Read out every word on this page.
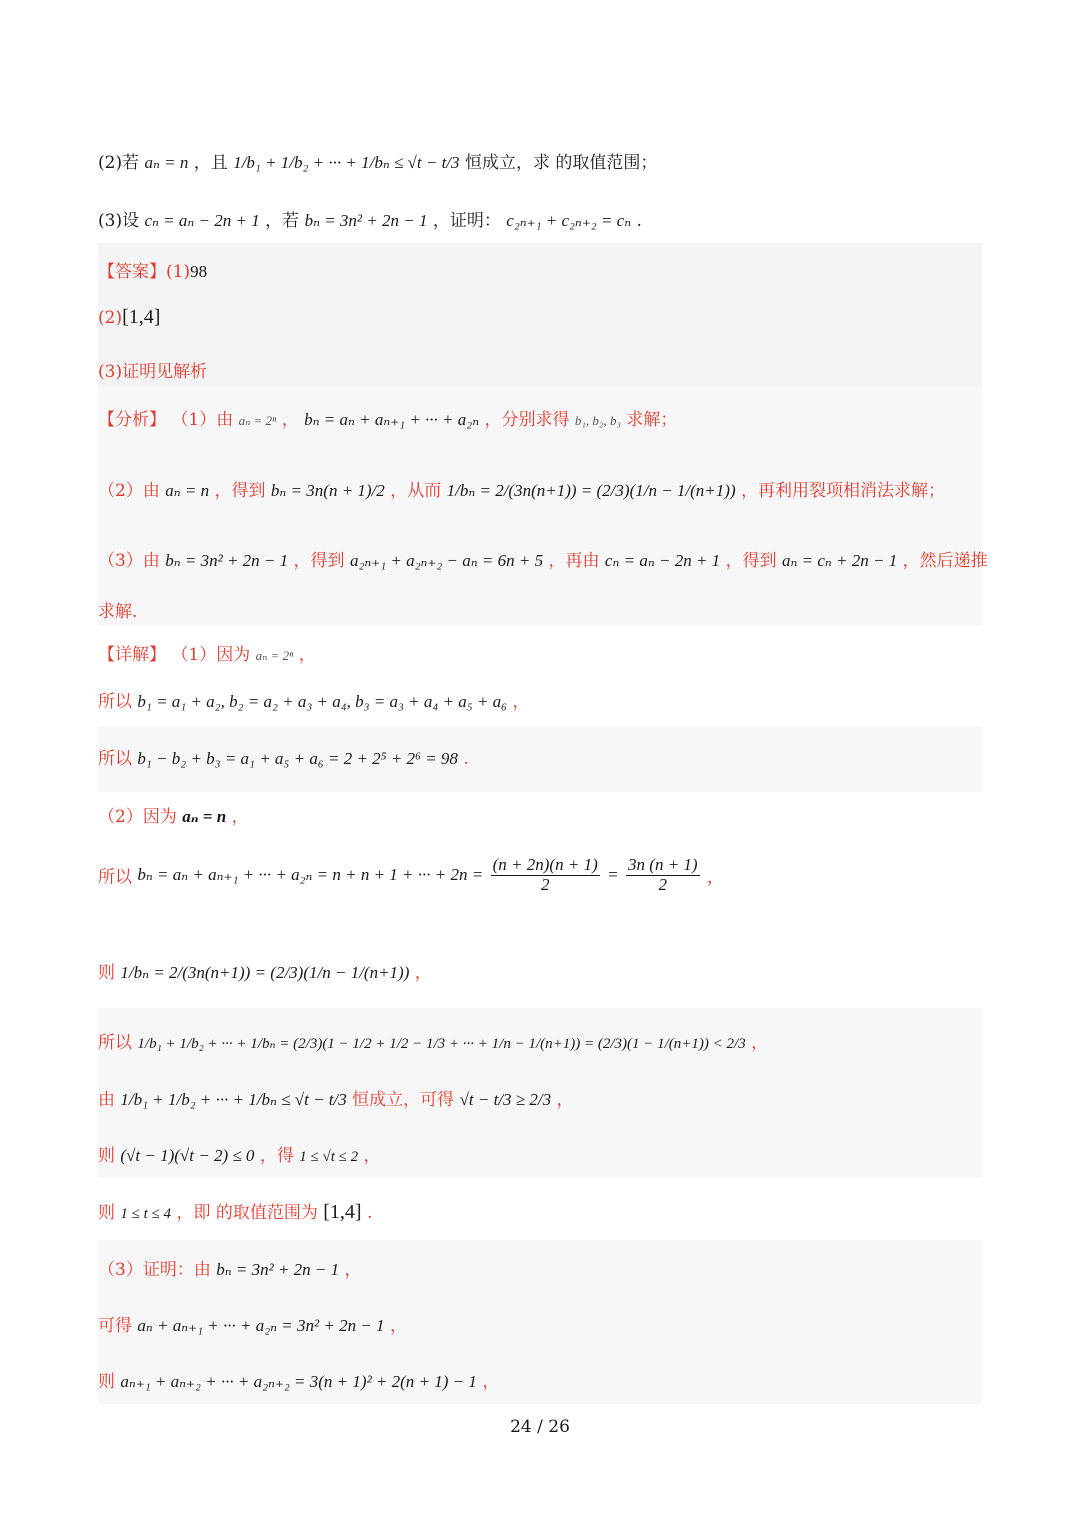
(2)若 aₙ = n ，且 1/b₁ + 1/b₂ + ··· + 1/bₙ ≤ √t − t/3 恒成立，求 的取值范围；
(3)设 cₙ = aₙ − 2n + 1 ，若 bₙ = 3n² + 2n − 1 ，证明： c₂ₙ₊₁ + c₂ₙ₊₂ = cₙ .
【答案】(1)98
(2)[1,4]
(3)证明见解析
【分析】 （1）由 aₙ = 2ⁿ ， bₙ = aₙ + aₙ₊₁ + ··· + a₂ₙ ，分别求得 b₁, b₂, b₃ 求解；
（2）由 aₙ = n ，得到 bₙ = 3n(n + 1)/2 ，从而 1/bₙ = 2/(3n(n+1)) = (2/3)(1/n − 1/(n+1)) ，再利用裂项相消法求解；
（3）由 bₙ = 3n² + 2n − 1 ，得到 a₂ₙ₊₁ + a₂ₙ₊₂ − aₙ = 6n + 5 ，再由 cₙ = aₙ − 2n + 1 ，得到 aₙ = cₙ + 2n − 1 ，然后递推
求解.
【详解】 （1）因为 aₙ = 2ⁿ ，
所以 b₁ = a₁ + a₂, b₂ = a₂ + a₃ + a₄, b₃ = a₃ + a₄ + a₅ + a₆ ，
所以 b₁ − b₂ + b₃ = a₁ + a₅ + a₆ = 2 + 2⁵ + 2⁶ = 98 .
（2）因为 aₙ = n ，
所以 bₙ = aₙ + aₙ₊₁ + ··· + a₂ₙ = n + n + 1 + ··· + $2n = \frac{(n + 2n)(n + 1)}{2} = \frac{3n (n + 1)}{2}$ ，
则 1/bₙ = 2/(3n(n+1)) = (2/3)(1/n − 1/(n+1)) ，
所以 1/b₁ + 1/b₂ + ··· + 1/bₙ = (2/3)(1 − 1/2 + 1/2 − 1/3 + ··· + 1/n − 1/(n+1)) = (2/3)(1 − 1/(n+1)) < 2/3 ，
由 1/b₁ + 1/b₂ + ··· + 1/bₙ ≤ √t − t/3 恒成立，可得 √t − t/3 ≥ 2/3 ，
则 (√t − 1)(√t − 2) ≤ 0 ，得 1 ≤ √t ≤ 2 ，
则 1 ≤ t ≤ 4 ，即 的取值范围为 [1,4] .
（3）证明：由 bₙ = 3n² + 2n − 1 ，
可得 aₙ + aₙ₊₁ + ··· + a₂ₙ = 3n² + 2n − 1 ，
则 aₙ₊₁ + aₙ₊₂ + ··· + a₂ₙ₊₂ = 3(n + 1)² + 2(n + 1) − 1 ，
24 / 26
